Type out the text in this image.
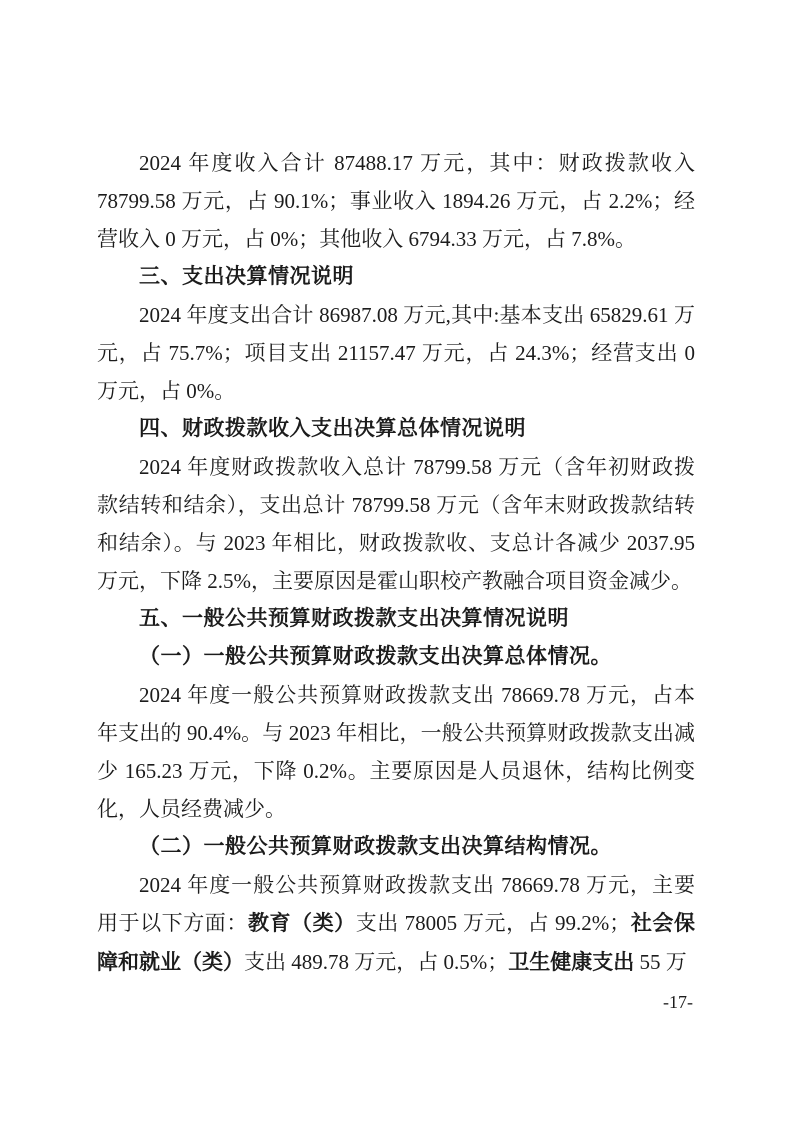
2024 年度收入合计 87488.17 万元，其中：财政拨款收入 78799.58 万元，占 90.1%；事业收入 1894.26 万元，占 2.2%；经营收入 0 万元，占 0%；其他收入 6794.33 万元，占 7.8%。

三、支出决算情况说明

2024 年度支出合计 86987.08 万元,其中:基本支出 65829.61 万元，占 75.7%；项目支出 21157.47 万元，占 24.3%；经营支出 0 万元，占 0%。

四、财政拨款收入支出决算总体情况说明

2024 年度财政拨款收入总计 78799.58 万元（含年初财政拨款结转和结余），支出总计 78799.58 万元（含年末财政拨款结转和结余）。与 2023 年相比，财政拨款收、支总计各减少 2037.95 万元，下降 2.5%，主要原因是霍山职校产教融合项目资金减少。

五、一般公共预算财政拨款支出决算情况说明
（一）一般公共预算财政拨款支出决算总体情况。

2024 年度一般公共预算财政拨款支出 78669.78 万元，占本年支出的 90.4%。与 2023 年相比，一般公共预算财政拨款支出减少 165.23 万元，下降 0.2%。主要原因是人员退休，结构比例变化，人员经费减少。

（二）一般公共预算财政拨款支出决算结构情况。

2024 年度一般公共预算财政拨款支出 78669.78 万元，主要用于以下方面：教育（类）支出 78005 万元，占 99.2%；社会保障和就业（类）支出 489.78 万元，占 0.5%；卫生健康支出 55 万

-17-
